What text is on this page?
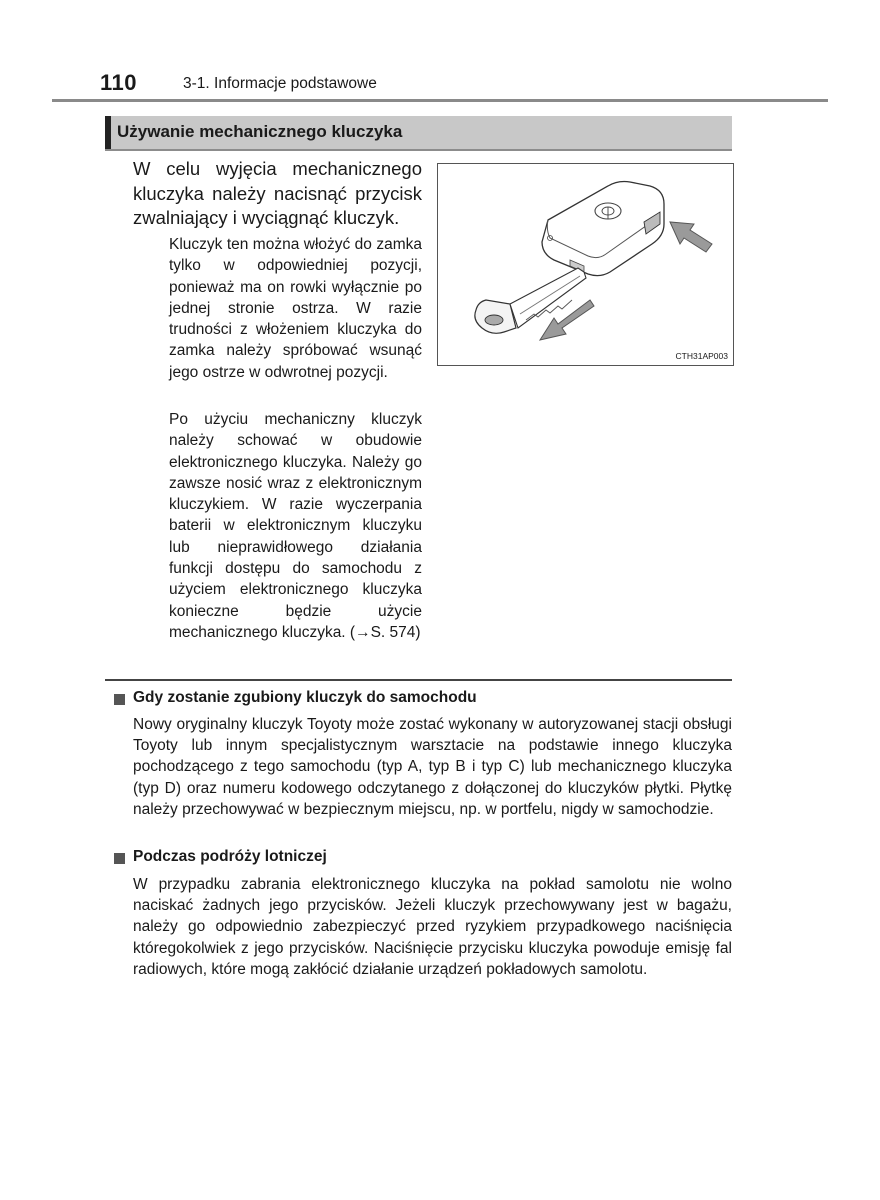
110	3-1. Informacje podstawowe
Używanie mechanicznego kluczyka

W celu wyjęcia mechanicznego kluczyka należy nacisnąć przycisk zwalniający i wyciągnąć kluczyk.

Kluczyk ten można włożyć do zamka tylko w odpowiedniej pozycji, ponieważ ma on rowki wyłącznie po jednej stronie ostrza. W razie trudności z włożeniem kluczyka do zamka należy spróbować wsunąć jego ostrze w odwrotnej pozycji.

Po użyciu mechaniczny kluczyk należy schować w obudowie elektronicznego kluczyka. Należy go zawsze nosić wraz z elektronicznym kluczykiem. W razie wyczerpania baterii w elektronicznym kluczyku lub nieprawidłowego działania funkcji dostępu do samochodu z użyciem elektronicznego kluczyka konieczne będzie użycie mechanicznego kluczyka. (→S. 574)

CTH31AP003
Gdy zostanie zgubiony kluczyk do samochodu

Nowy oryginalny kluczyk Toyoty może zostać wykonany w autoryzowanej stacji obsługi Toyoty lub innym specjalistycznym warsztacie na podstawie innego kluczyka pochodzącego z tego samochodu (typ A, typ B i typ C) lub mechanicznego kluczyka (typ D) oraz numeru kodowego odczytanego z dołączonej do kluczyków płytki. Płytkę należy przechowywać w bezpiecznym miejscu, np. w portfelu, nigdy w samochodzie.

Podczas podróży lotniczej

W przypadku zabrania elektronicznego kluczyka na pokład samolotu nie wolno naciskać żadnych jego przycisków. Jeżeli kluczyk przechowywany jest w bagażu, należy go odpowiednio zabezpieczyć przed ryzykiem przypadkowego naciśnięcia któregokolwiek z jego przycisków. Naciśnięcie przycisku kluczyka powoduje emisję fal radiowych, które mogą zakłócić działanie urządzeń pokładowych samolotu.
